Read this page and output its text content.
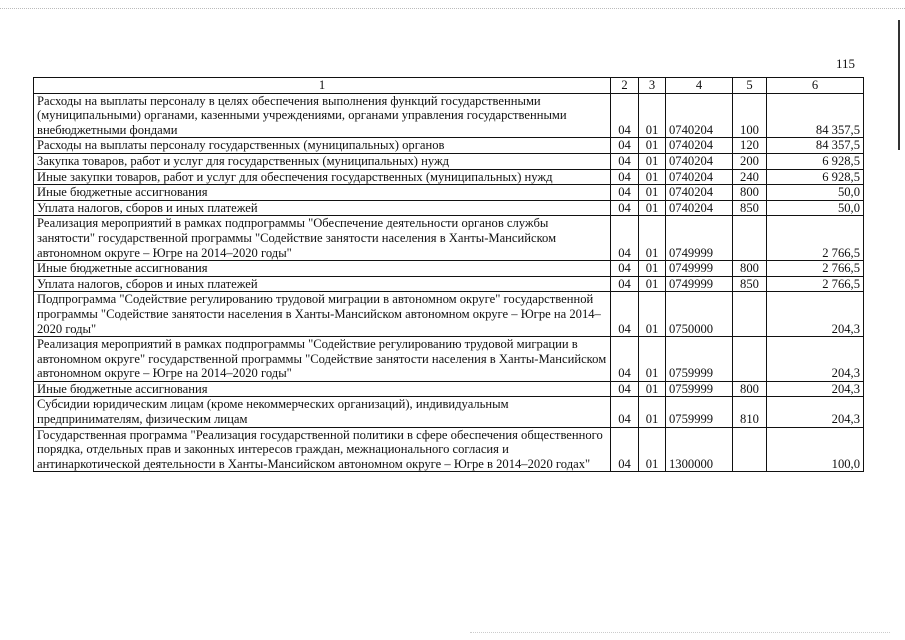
115
1	2	3	4	5	6
Расходы на выплаты персоналу в целях обеспечения выполнения функций государственными (муниципальными) органами, казенными учреждениями, органами управления государственными внебюджетными фондами	04	01	0740204	100	84 357,5
Расходы на выплаты персоналу государственных (муниципальных) органов	04	01	0740204	120	84 357,5
Закупка товаров, работ и услуг для государственных (муниципальных) нужд	04	01	0740204	200	6 928,5
Иные закупки товаров, работ и услуг для обеспечения государственных (муниципальных) нужд	04	01	0740204	240	6 928,5
Иные бюджетные ассигнования	04	01	0740204	800	50,0
Уплата налогов, сборов и иных платежей	04	01	0740204	850	50,0
Реализация мероприятий в рамках подпрограммы "Обеспечение деятельности органов службы занятости" государственной программы "Содействие занятости населения в Ханты-Мансийском автономном округе – Югре на 2014–2020 годы"	04	01	0749999		2 766,5
Иные бюджетные ассигнования	04	01	0749999	800	2 766,5
Уплата налогов, сборов и иных платежей	04	01	0749999	850	2 766,5
Подпрограмма "Содействие регулированию трудовой миграции в автономном округе" государственной программы "Содействие занятости населения в Ханты-Мансийском автономном округе – Югре на 2014–2020 годы"	04	01	0750000		204,3
Реализация мероприятий в рамках подпрограммы "Содействие регулированию трудовой миграции в автономном округе" государственной программы "Содействие занятости населения в Ханты-Мансийском автономном округе – Югре на 2014–2020 годы"	04	01	0759999		204,3
Иные бюджетные ассигнования	04	01	0759999	800	204,3
Субсидии юридическим лицам (кроме некоммерческих организаций), индивидуальным предпринимателям, физическим лицам	04	01	0759999	810	204,3
Государственная программа "Реализация государственной политики в сфере обеспечения общественного порядка, отдельных прав и законных интересов граждан, межнационального согласия и антинаркотической деятельности в Ханты-Мансийском автономном округе – Югре в 2014–2020 годах"	04	01	1300000		100,0
